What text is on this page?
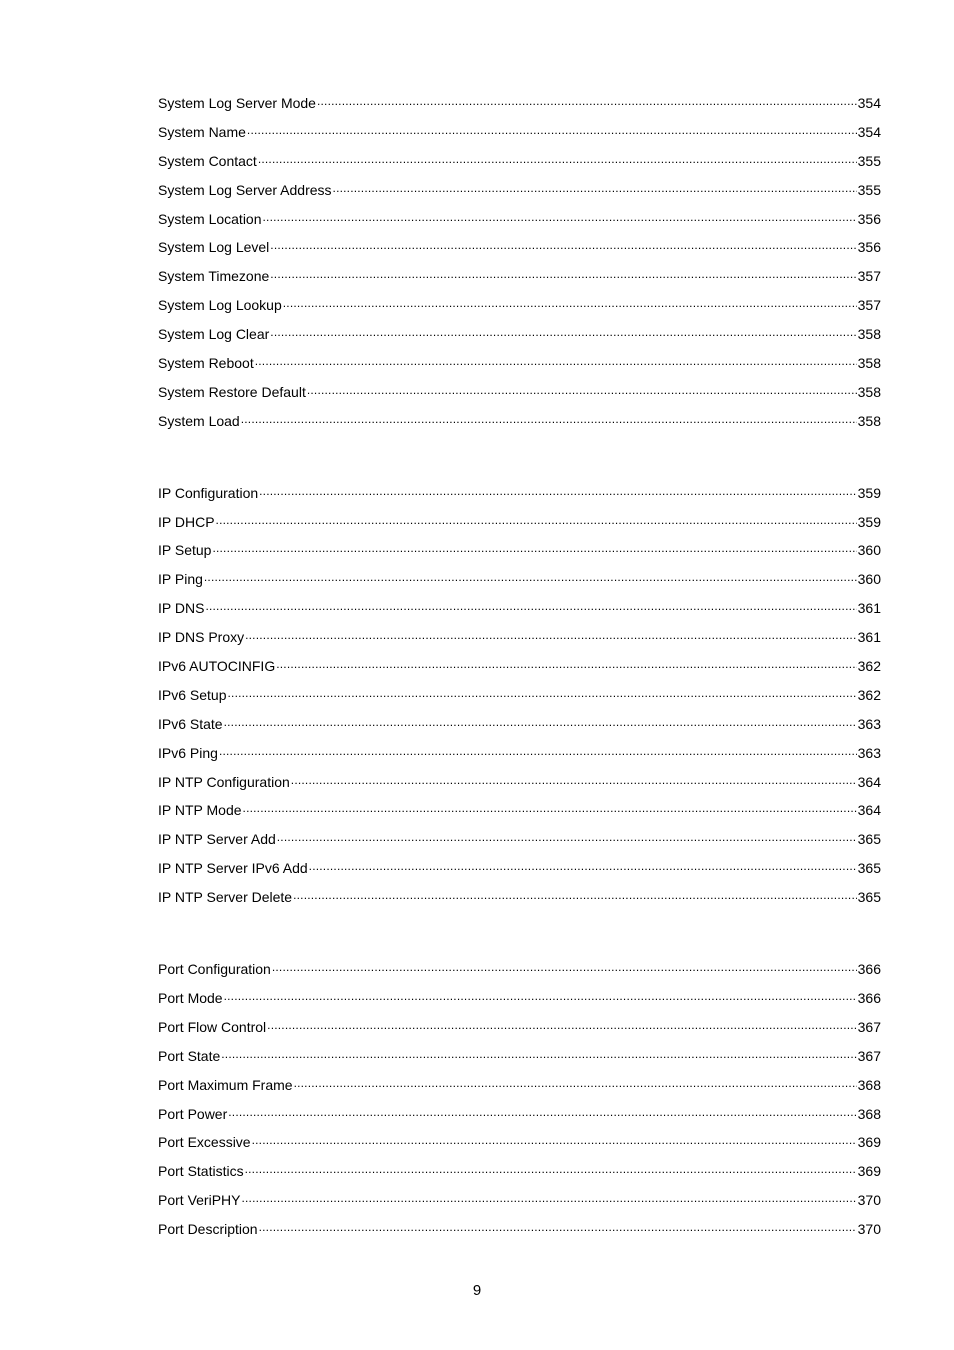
System Log Server Mode .....	354
System Name .....	354
System Contact .....	355
System Log Server Address .....	355
System Location .....	356
System Log Level .....	356
System Timezone .....	357
System Log Lookup .....	357
System Log Clear .....	358
System Reboot .....	358
System Restore Default .....	358
System Load .....	358
IP Configuration .....	359
IP DHCP .....	359
IP Setup .....	360
IP Ping .....	360
IP DNS .....	361
IP DNS Proxy .....	361
IPv6 AUTOCINFIG .....	362
IPv6 Setup .....	362
IPv6 State .....	363
IPv6 Ping .....	363
IP NTP Configuration .....	364
IP NTP Mode .....	364
IP NTP Server Add .....	365
IP NTP Server IPv6 Add .....	365
IP NTP Server Delete .....	365
Port Configuration .....	366
Port Mode .....	366
Port Flow Control .....	367
Port State .....	367
Port Maximum Frame .....	368
Port Power .....	368
Port Excessive .....	369
Port Statistics .....	369
Port VeriPHY .....	370
Port Description .....	370
9
